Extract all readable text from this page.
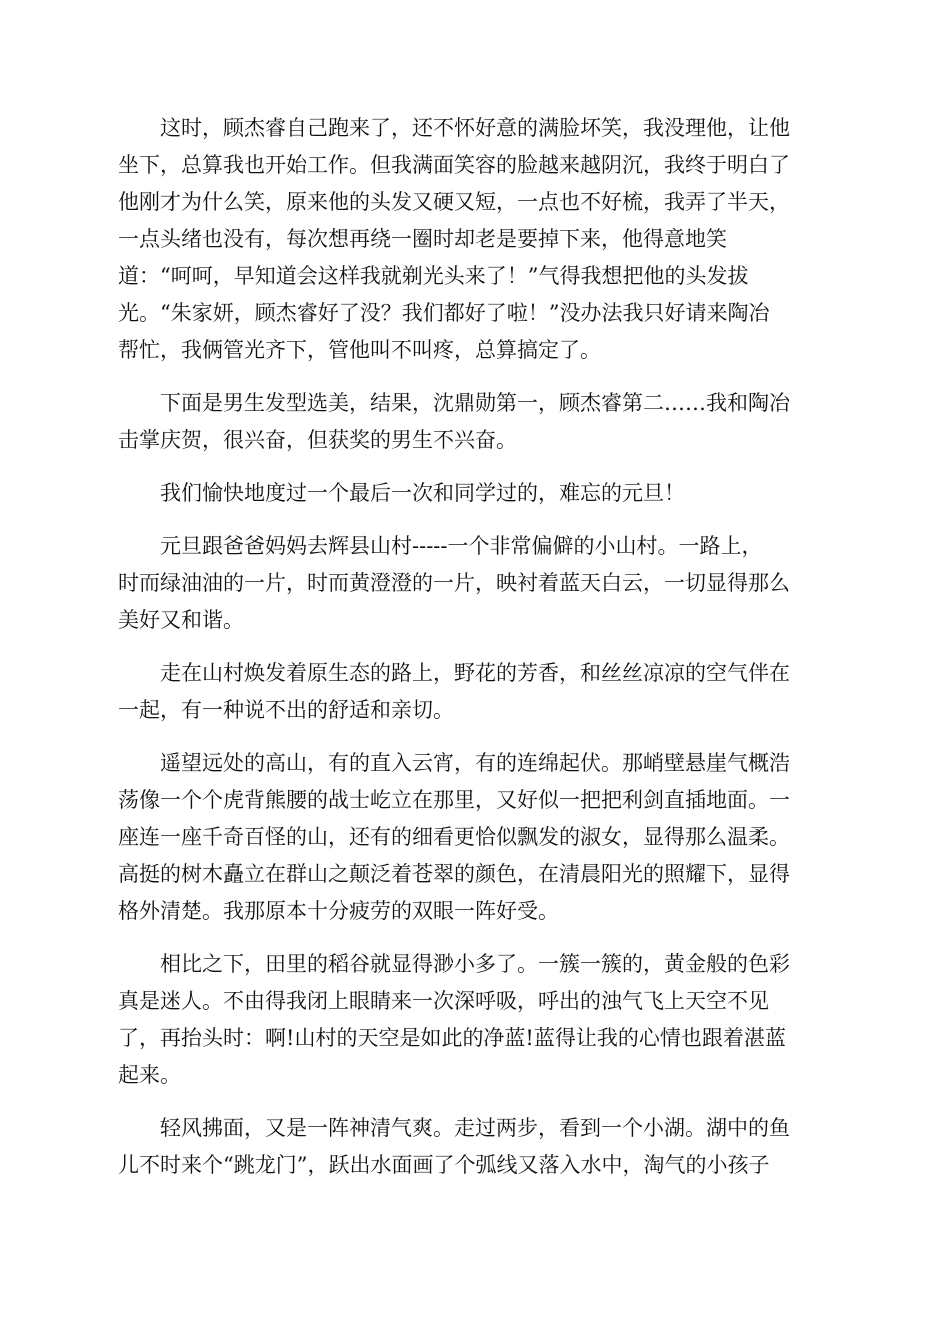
这时，顾杰睿自己跑来了，还不怀好意的满脸坏笑，我没理他，让他
坐下，总算我也开始工作。但我满面笑容的脸越来越阴沉，我终于明白了
他刚才为什么笑，原来他的头发又硬又短，一点也不好梳，我弄了半天，
一点头绪也没有，每次想再绕一圈时却老是要掉下来，他得意地笑
道：“呵呵，早知道会这样我就剃光头来了！”气得我想把他的头发拔
光。“朱家妍，顾杰睿好了没？我们都好了啦！”没办法我只好请来陶冶
帮忙，我俩管光齐下，管他叫不叫疼，总算搞定了。
下面是男生发型选美，结果，沈鼎勋第一，顾杰睿第二……我和陶冶
击掌庆贺，很兴奋，但获奖的男生不兴奋。
我们愉快地度过一个最后一次和同学过的，难忘的元旦！
元旦跟爸爸妈妈去辉县山村-----一个非常偏僻的小山村。一路上，
时而绿油油的一片，时而黄澄澄的一片，映衬着蓝天白云，一切显得那么
美好又和谐。
走在山村焕发着原生态的路上，野花的芳香，和丝丝凉凉的空气伴在
一起，有一种说不出的舒适和亲切。
遥望远处的高山，有的直入云宵，有的连绵起伏。那峭壁悬崖气概浩
荡像一个个虎背熊腰的战士屹立在那里，又好似一把把利剑直插地面。一
座连一座千奇百怪的山，还有的细看更恰似飘发的淑女，显得那么温柔。
高挺的树木矗立在群山之颠泛着苍翠的颜色，在清晨阳光的照耀下，显得
格外清楚。我那原本十分疲劳的双眼一阵好受。
相比之下，田里的稻谷就显得渺小多了。一簇一簇的，黄金般的色彩
真是迷人。不由得我闭上眼睛来一次深呼吸，呼出的浊气飞上天空不见
了，再抬头时：啊!山村的天空是如此的净蓝!蓝得让我的心情也跟着湛蓝
起来。
轻风拂面，又是一阵神清气爽。走过两步，看到一个小湖。湖中的鱼
儿不时来个“跳龙门”，跃出水面画了个弧线又落入水中，淘气的小孩子
